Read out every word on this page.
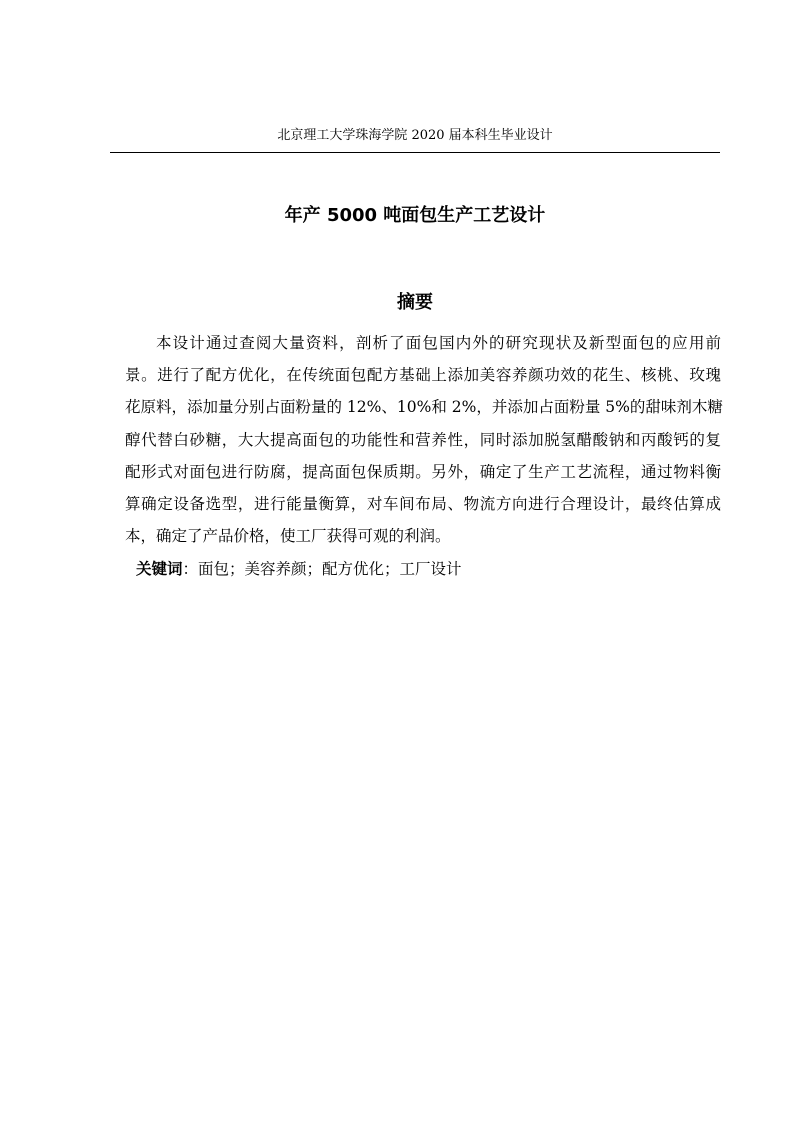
北京理工大学珠海学院 2020 届本科生毕业设计
年产 5000 吨面包生产工艺设计
摘要
本设计通过查阅大量资料，剖析了面包国内外的研究现状及新型面包的应用前
景。进行了配方优化，在传统面包配方基础上添加美容养颜功效的花生、核桃、玫瑰
花原料，添加量分别占面粉量的 12%、10%和 2%，并添加占面粉量 5%的甜味剂木糖
醇代替白砂糖，大大提高面包的功能性和营养性，同时添加脱氢醋酸钠和丙酸钙的复
配形式对面包进行防腐，提高面包保质期。另外，确定了生产工艺流程，通过物料衡
算确定设备选型，进行能量衡算，对车间布局、物流方向进行合理设计，最终估算成
本，确定了产品价格，使工厂获得可观的利润。
关键词：面包；美容养颜；配方优化；工厂设计
